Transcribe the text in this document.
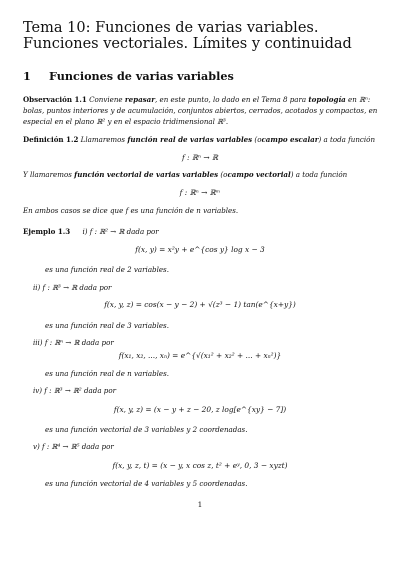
Tema 10: Funciones de varias variables. Funciones vectoriales. Límites y continuidad
1 Funciones de varias variables
Observación 1.1 Conviene repasar, en este punto, lo dado en el Tema 8 para topología en ℝⁿ:
bolas, puntos interiores y de acumulación, conjuntos abiertos, cerrados, acotados y compactos, en
especial en el plano ℝ² y en el espacio tridimensional ℝ³.
Definición 1.2 Llamaremos función real de varias variables (ocampo escalar) a toda función
f : ℝⁿ → ℝ
Y llamaremos función vectorial de varias variables (ocampo vectorial) a toda función
f : ℝⁿ → ℝᵐ
En ambos casos se dice que f es una función de n variables.
Ejemplo 1.3 i) f : ℝ² → ℝ dada por
f(x, y) = x²y + e^{cos y} log x − 3
es una función real de 2 variables.
ii) f : ℝ³ → ℝ dada por
f(x, y, z) = cos(x − y − 2) + √(z³ − 1) tan(e^{x+y})
es una función real de 3 variables.
iii) f : ℝⁿ → ℝ dada por
f(x₁, x₂, ..., xₙ) = e^{√(x₁² + x₂² + ... + xₙ²)}
es una función real de n variables.
iv) f : ℝ³ → ℝ² dada por
f(x, y, z) = (x − y + z − 20, z log[e^{xy} − 7])
es una función vectorial de 3 variables y 2 coordenadas.
v) f : ℝ⁴ → ℝ⁵ dada por
f(x, y, z, t) = (x − y, x cos z, t² + eʸ, 0, 3 − xyzt)
es una función vectorial de 4 variables y 5 coordenadas.
1
